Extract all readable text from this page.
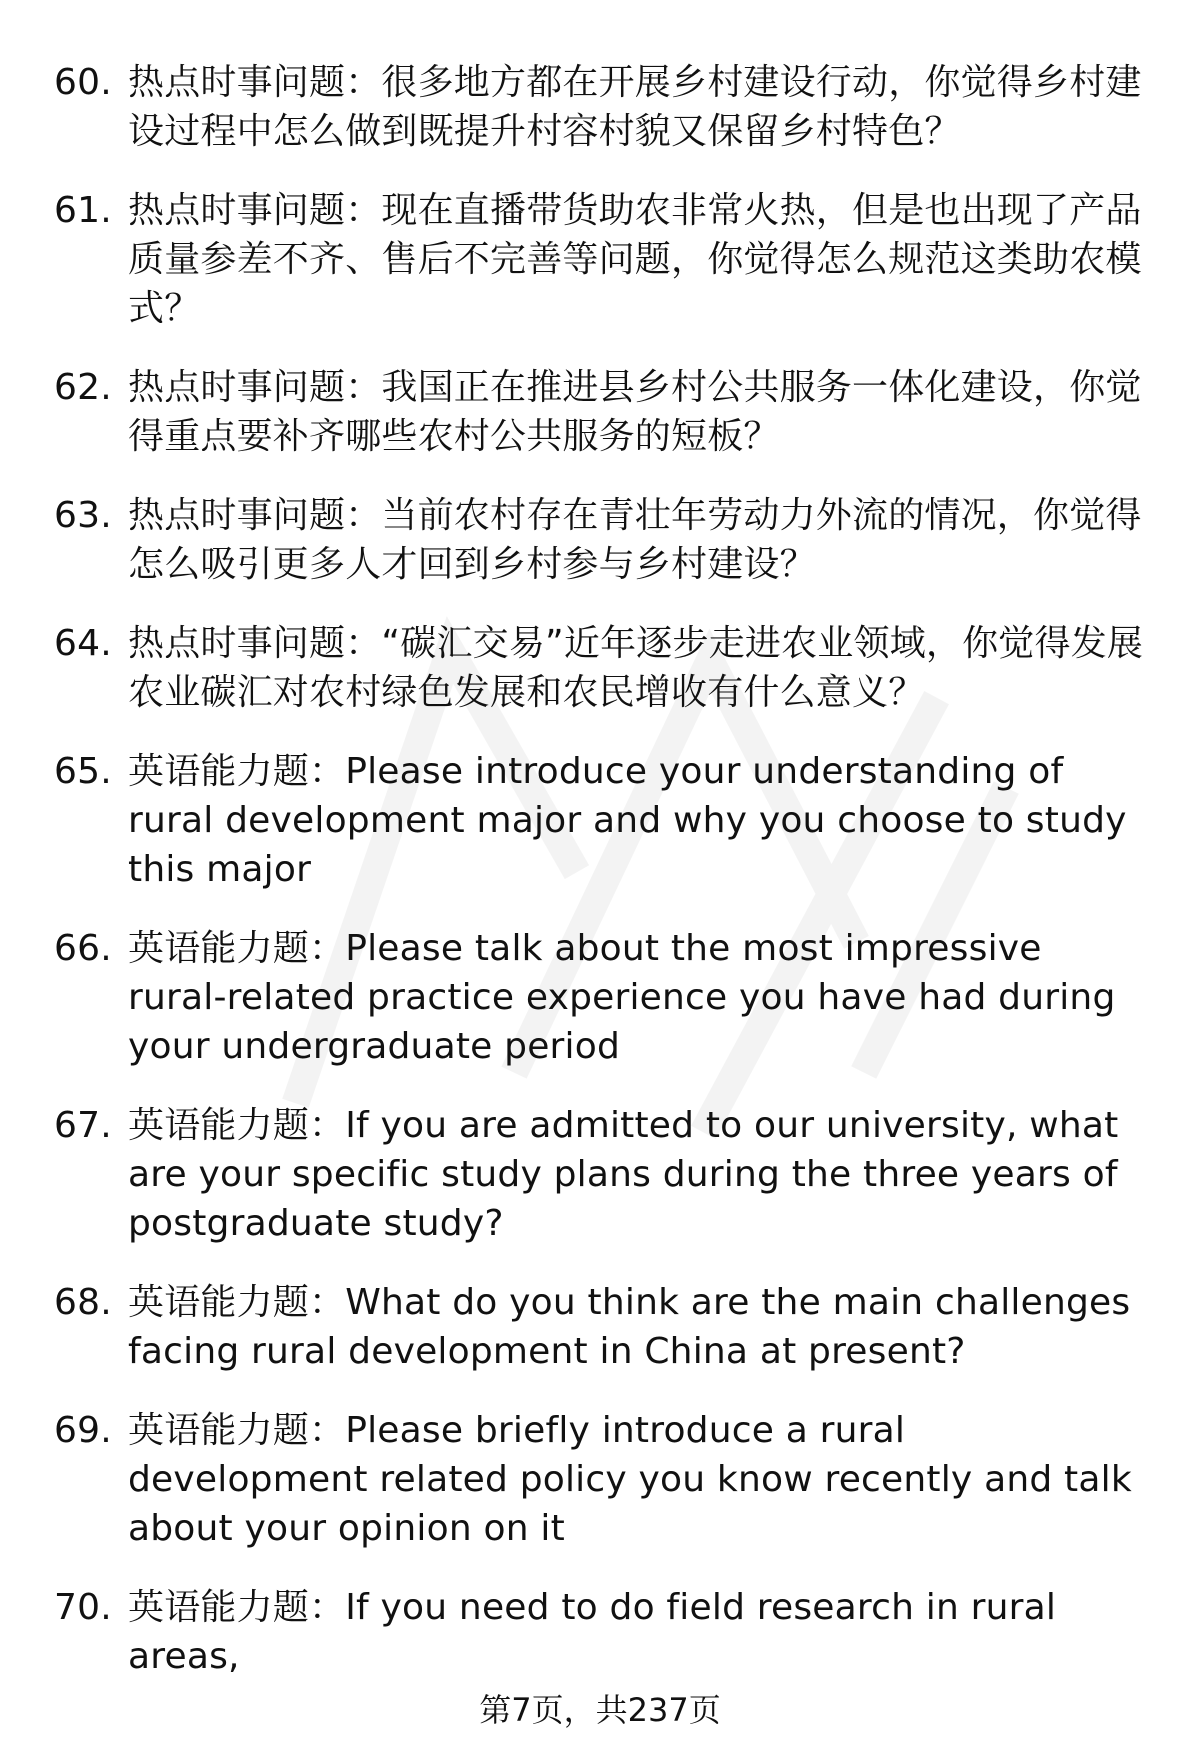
60. 热点时事问题：很多地方都在开展乡村建设行动，你觉得乡村建设过程中怎么做到既提升村容村貌又保留乡村特色？
61. 热点时事问题：现在直播带货助农非常火热，但是也出现了产品质量参差不齐、售后不完善等问题，你觉得怎么规范这类助农模式？
62. 热点时事问题：我国正在推进县乡村公共服务一体化建设，你觉得重点要补齐哪些农村公共服务的短板？
63. 热点时事问题：当前农村存在青壮年劳动力外流的情况，你觉得怎么吸引更多人才回到乡村参与乡村建设？
64. 热点时事问题：“碳汇交易”近年逐步走进农业领域，你觉得发展农业碳汇对农村绿色发展和农民增收有什么意义？
65. 英语能力题：Please introduce your understanding of rural development major and why you choose to study this major
66. 英语能力题：Please talk about the most impressive rural-related practice experience you have had during your undergraduate period
67. 英语能力题：If you are admitted to our university, what are your specific study plans during the three years of postgraduate study?
68. 英语能力题：What do you think are the main challenges facing rural development in China at present?
69. 英语能力题：Please briefly introduce a rural development related policy you know recently and talk about your opinion on it
70. 英语能力题：If you need to do field research in rural areas,
第7页，共237页
